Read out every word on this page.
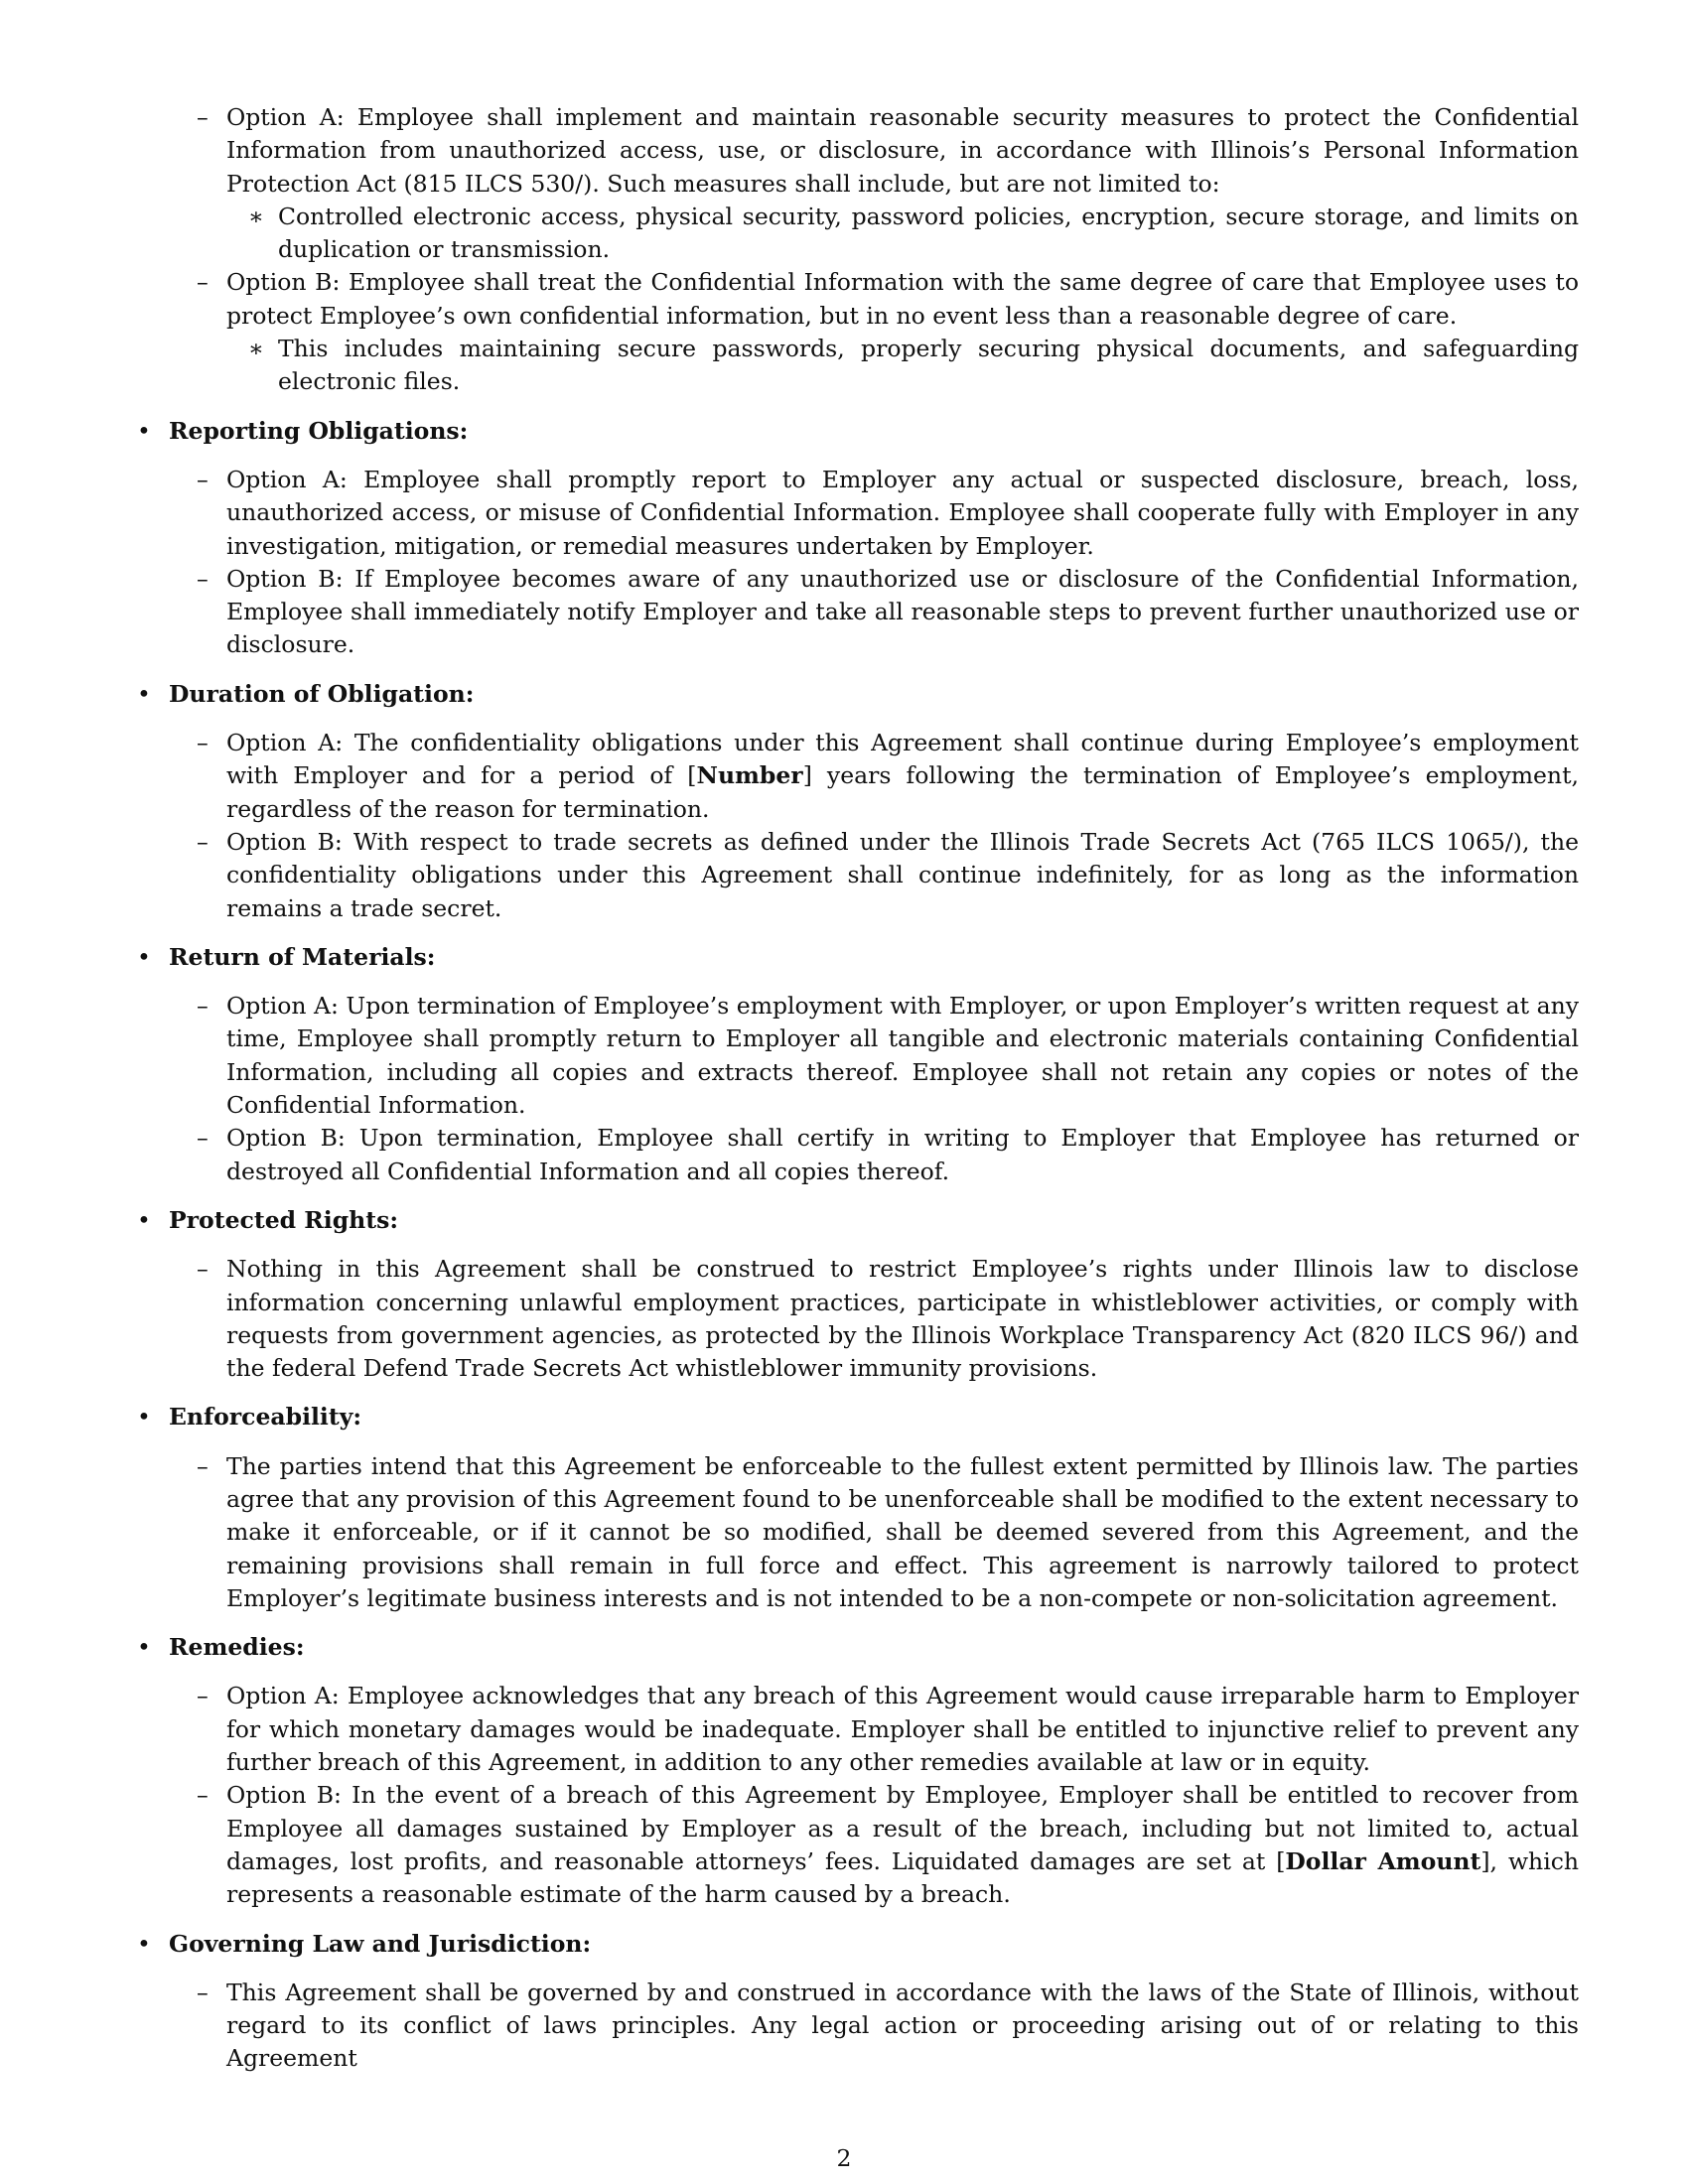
– Option A: Employee shall implement and maintain reasonable security measures to protect the Confidential Information from unauthorized access, use, or disclosure, in accordance with Illinois’s Personal Information Protection Act (815 ILCS 530/). Such measures shall include, but are not limited to:
∗ Controlled electronic access, physical security, password policies, encryption, secure storage, and limits on duplication or transmission.
– Option B: Employee shall treat the Confidential Information with the same degree of care that Employee uses to protect Employee’s own confidential information, but in no event less than a reasonable degree of care.
∗ This includes maintaining secure passwords, properly securing physical documents, and safeguarding electronic files.
• Reporting Obligations:
– Option A: Employee shall promptly report to Employer any actual or suspected disclosure, breach, loss, unauthorized access, or misuse of Confidential Information. Employee shall cooperate fully with Employer in any investigation, mitigation, or remedial measures undertaken by Employer.
– Option B: If Employee becomes aware of any unauthorized use or disclosure of the Confidential Information, Employee shall immediately notify Employer and take all reasonable steps to prevent further unauthorized use or disclosure.
• Duration of Obligation:
– Option A: The confidentiality obligations under this Agreement shall continue during Employee’s employment with Employer and for a period of [Number] years following the termination of Employee’s employment, regardless of the reason for termination.
– Option B: With respect to trade secrets as defined under the Illinois Trade Secrets Act (765 ILCS 1065/), the confidentiality obligations under this Agreement shall continue indefinitely, for as long as the information remains a trade secret.
• Return of Materials:
– Option A: Upon termination of Employee’s employment with Employer, or upon Employer’s written request at any time, Employee shall promptly return to Employer all tangible and electronic materials containing Confidential Information, including all copies and extracts thereof. Employee shall not retain any copies or notes of the Confidential Information.
– Option B: Upon termination, Employee shall certify in writing to Employer that Employee has returned or destroyed all Confidential Information and all copies thereof.
• Protected Rights:
– Nothing in this Agreement shall be construed to restrict Employee’s rights under Illinois law to disclose information concerning unlawful employment practices, participate in whistleblower activities, or comply with requests from government agencies, as protected by the Illinois Workplace Transparency Act (820 ILCS 96/) and the federal Defend Trade Secrets Act whistleblower immunity provisions.
• Enforceability:
– The parties intend that this Agreement be enforceable to the fullest extent permitted by Illinois law. The parties agree that any provision of this Agreement found to be unenforceable shall be modified to the extent necessary to make it enforceable, or if it cannot be so modified, shall be deemed severed from this Agreement, and the remaining provisions shall remain in full force and effect. This agreement is narrowly tailored to protect Employer’s legitimate business interests and is not intended to be a non-compete or non-solicitation agreement.
• Remedies:
– Option A: Employee acknowledges that any breach of this Agreement would cause irreparable harm to Employer for which monetary damages would be inadequate. Employer shall be entitled to injunctive relief to prevent any further breach of this Agreement, in addition to any other remedies available at law or in equity.
– Option B: In the event of a breach of this Agreement by Employee, Employer shall be entitled to recover from Employee all damages sustained by Employer as a result of the breach, including but not limited to, actual damages, lost profits, and reasonable attorneys’ fees. Liquidated damages are set at [Dollar Amount], which represents a reasonable estimate of the harm caused by a breach.
• Governing Law and Jurisdiction:
– This Agreement shall be governed by and construed in accordance with the laws of the State of Illinois, without regard to its conflict of laws principles. Any legal action or proceeding arising out of or relating to this Agreement
2
